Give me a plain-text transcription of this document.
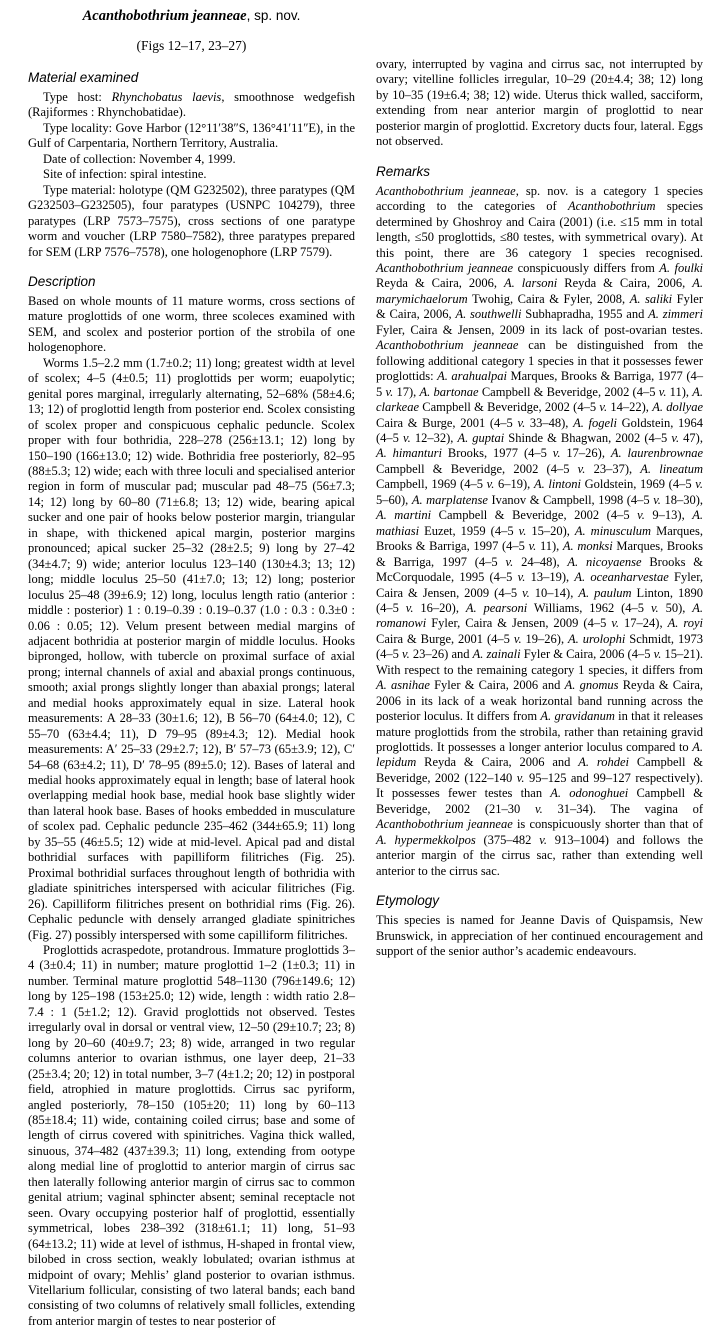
Acanthobothrium jeanneae, sp. nov.
(Figs 12–17, 23–27)
Material examined

Type host: Rhynchobatus laevis, smoothnose wedgefish (Rajiformes : Rhynchobatidae).

Type locality: Gove Harbor (12°11′38″S, 136°41′11″E), in the Gulf of Carpentaria, Northern Territory, Australia.

Date of collection: November 4, 1999.

Site of infection: spiral intestine.

Type material: holotype (QM G232502), three paratypes (QM G232503–G232505), four paratypes (USNPC 104279), three paratypes (LRP 7573–7575), cross sections of one paratype worm and voucher (LRP 7580–7582), three paratypes prepared for SEM (LRP 7576–7578), one hologenophore (LRP 7579).

Description

Based on whole mounts of 11 mature worms, cross sections of mature proglottids of one worm, three scoleces examined with SEM, and scolex and posterior portion of the strobila of one hologenophore.

Worms 1.5–2.2 mm (1.7±0.2; 11) long; greatest width at level of scolex; 4–5 (4±0.5; 11) proglottids per worm; euapolytic; genital pores marginal, irregularly alternating, 52–68% (58±4.6; 13; 12) of proglottid length from posterior end. Scolex consisting of scolex proper and conspicuous cephalic peduncle. Scolex proper with four bothridia, 228–278 (256±13.1; 12) long by 150–190 (166±13.0; 12) wide. Bothridia free posteriorly, 82–95 (88±5.3; 12) wide; each with three loculi and specialised anterior region in form of muscular pad; muscular pad 48–75 (56±7.3; 14; 12) long by 60–80 (71±6.8; 13; 12) wide, bearing apical sucker and one pair of hooks below posterior margin, triangular in shape, with thickened apical margin, posterior margins pronounced; apical sucker 25–32 (28±2.5; 9) long by 27–42 (34±4.7; 9) wide; anterior loculus 123–140 (130±4.3; 13; 12) long; middle loculus 25–50 (41±7.0; 13; 12) long; posterior loculus 25–48 (39±6.9; 12) long, loculus length ratio (anterior : middle : posterior) 1 : 0.19–0.39 : 0.19–0.37 (1.0 : 0.3 : 0.3±0 : 0.06 : 0.05; 12). Velum present between medial margins of adjacent bothridia at posterior margin of middle loculus. Hooks bipronged, hollow, with tubercle on proximal surface of axial prong; internal channels of axial and abaxial prongs continuous, smooth; axial prongs slightly longer than abaxial prongs; lateral and medial hooks approximately equal in size. Lateral hook measurements: A 28–33 (30±1.6; 12), B 56–70 (64±4.0; 12), C 55–70 (63±4.4; 11), D 79–95 (89±4.3; 12). Medial hook measurements: A′ 25–33 (29±2.7; 12), B′ 57–73 (65±3.9; 12), C′ 54–68 (63±4.2; 11), D′ 78–95 (89±5.0; 12). Bases of lateral and medial hooks approximately equal in length; base of lateral hook overlapping medial hook base, medial hook base slightly wider than lateral hook base. Bases of hooks embedded in musculature of scolex pad. Cephalic peduncle 235–462 (344±65.9; 11) long by 35–55 (46±5.5; 12) wide at mid-level. Apical pad and distal bothridial surfaces with papilliform filitriches (Fig. 25). Proximal bothridial surfaces throughout length of bothridia with gladiate spinitriches interspersed with acicular filitriches (Fig. 26). Capilliform filitriches present on bothridial rims (Fig. 26). Cephalic peduncle with densely arranged gladiate spinitriches (Fig. 27) possibly interspersed with some capilliform filitriches.

Proglottids acraspedote, protandrous. Immature proglottids 3–4 (3±0.4; 11) in number; mature proglottid 1–2 (1±0.3; 11) in number. Terminal mature proglottid 548–1130 (796±149.6; 12) long by 125–198 (153±25.0; 12) wide, length : width ratio 2.8–7.4 : 1 (5±1.2; 12). Gravid proglottids not observed. Testes irregularly oval in dorsal or ventral view, 12–50 (29±10.7; 23; 8) long by 20–60 (40±9.7; 23; 8) wide, arranged in two regular columns anterior to ovarian isthmus, one layer deep, 21–33 (25±3.4; 20; 12) in total number, 3–7 (4±1.2; 20; 12) in postporal field, atrophied in mature proglottids. Cirrus sac pyriform, angled posteriorly, 78–150 (105±20; 11) long by 60–113 (85±18.4; 11) wide, containing coiled cirrus; base and some of length of cirrus covered with spinitriches. Vagina thick walled, sinuous, 374–482 (437±39.3; 11) long, extending from ootype along medial line of proglottid to anterior margin of cirrus sac then laterally following anterior margin of cirrus sac to common genital atrium; vaginal sphincter absent; seminal receptacle not seen. Ovary occupying posterior half of proglottid, essentially symmetrical, lobes 238–392 (318±61.1; 11) long, 51–93 (64±13.2; 11) wide at level of isthmus, H-shaped in frontal view, bilobed in cross section, weakly lobulated; ovarian isthmus at midpoint of ovary; Mehlis’ gland posterior to ovarian isthmus. Vitellarium follicular, consisting of two lateral bands; each band consisting of two columns of relatively small follicles, extending from anterior margin of testes to near posterior of

ovary, interrupted by vagina and cirrus sac, not interrupted by ovary; vitelline follicles irregular, 10–29 (20±4.4; 38; 12) long by 10–35 (19±6.4; 38; 12) wide. Uterus thick walled, sacciform, extending from near anterior margin of proglottid to near posterior margin of proglottid. Excretory ducts four, lateral. Eggs not observed.

Remarks

Acanthobothrium jeanneae, sp. nov. is a category 1 species according to the categories of Acanthobothrium species determined by Ghoshroy and Caira (2001) (i.e. ≤15 mm in total length, ≤50 proglottids, ≤80 testes, with symmetrical ovary). At this point, there are 36 category 1 species recognised. Acanthobothrium jeanneae conspicuously differs from A. foulki Reyda & Caira, 2006, A. larsoni Reyda & Caira, 2006, A. marymichaelorum Twohig, Caira & Fyler, 2008, A. saliki Fyler & Caira, 2006, A. southwelli Subhapradha, 1955 and A. zimmeri Fyler, Caira & Jensen, 2009 in its lack of post-ovarian testes. Acanthobothrium jeanneae can be distinguished from the following additional category 1 species in that it possesses fewer proglottids: A. arahualpai Marques, Brooks & Barriga, 1977 (4–5 v. 17), A. bartonae Campbell & Beveridge, 2002 (4–5 v. 11), A. clarkeae Campbell & Beveridge, 2002 (4–5 v. 14–22), A. dollyae Caira & Burge, 2001 (4–5 v. 33–48), A. fogeli Goldstein, 1964 (4–5 v. 12–32), A. guptai Shinde & Bhagwan, 2002 (4–5 v. 47), A. himanturi Brooks, 1977 (4–5 v. 17–26), A. laurenbrownae Campbell & Beveridge, 2002 (4–5 v. 23–37), A. lineatum Campbell, 1969 (4–5 v. 6–19), A. lintoni Goldstein, 1969 (4–5 v. 5–60), A. marplatense Ivanov & Campbell, 1998 (4–5 v. 18–30), A. martini Campbell & Beveridge, 2002 (4–5 v. 9–13), A. mathiasi Euzet, 1959 (4–5 v. 15–20), A. minusculum Marques, Brooks & Barriga, 1997 (4–5 v. 11), A. monksi Marques, Brooks & Barriga, 1997 (4–5 v. 24–48), A. nicoyaense Brooks & McCorquodale, 1995 (4–5 v. 13–19), A. oceanharvestae Fyler, Caira & Jensen, 2009 (4–5 v. 10–14), A. paulum Linton, 1890 (4–5 v. 16–20), A. pearsoni Williams, 1962 (4–5 v. 50), A. romanowi Fyler, Caira & Jensen, 2009 (4–5 v. 17–24), A. royi Caira & Burge, 2001 (4–5 v. 19–26), A. urolophi Schmidt, 1973 (4–5 v. 23–26) and A. zainali Fyler & Caira, 2006 (4–5 v. 15–21). With respect to the remaining category 1 species, it differs from A. asnihae Fyler & Caira, 2006 and A. gnomus Reyda & Caira, 2006 in its lack of a weak horizontal band running across the posterior loculus. It differs from A. gravidanum in that it releases mature proglottids from the strobila, rather than retaining gravid proglottids. It possesses a longer anterior loculus compared to A. lepidum Reyda & Caira, 2006 and A. rohdei Campbell & Beveridge, 2002 (122–140 v. 95–125 and 99–127 respectively). It possesses fewer testes than A. odonoghuei Campbell & Beveridge, 2002 (21–30 v. 31–34). The vagina of Acanthobothrium jeanneae is conspicuously shorter than that of A. hypermekkolpos (375–482 v. 913–1004) and follows the anterior margin of the cirrus sac, rather than extending well anterior to the cirrus sac.

Etymology

This species is named for Jeanne Davis of Quispamsis, New Brunswick, in appreciation of her continued encouragement and support of the senior author’s academic endeavours.
